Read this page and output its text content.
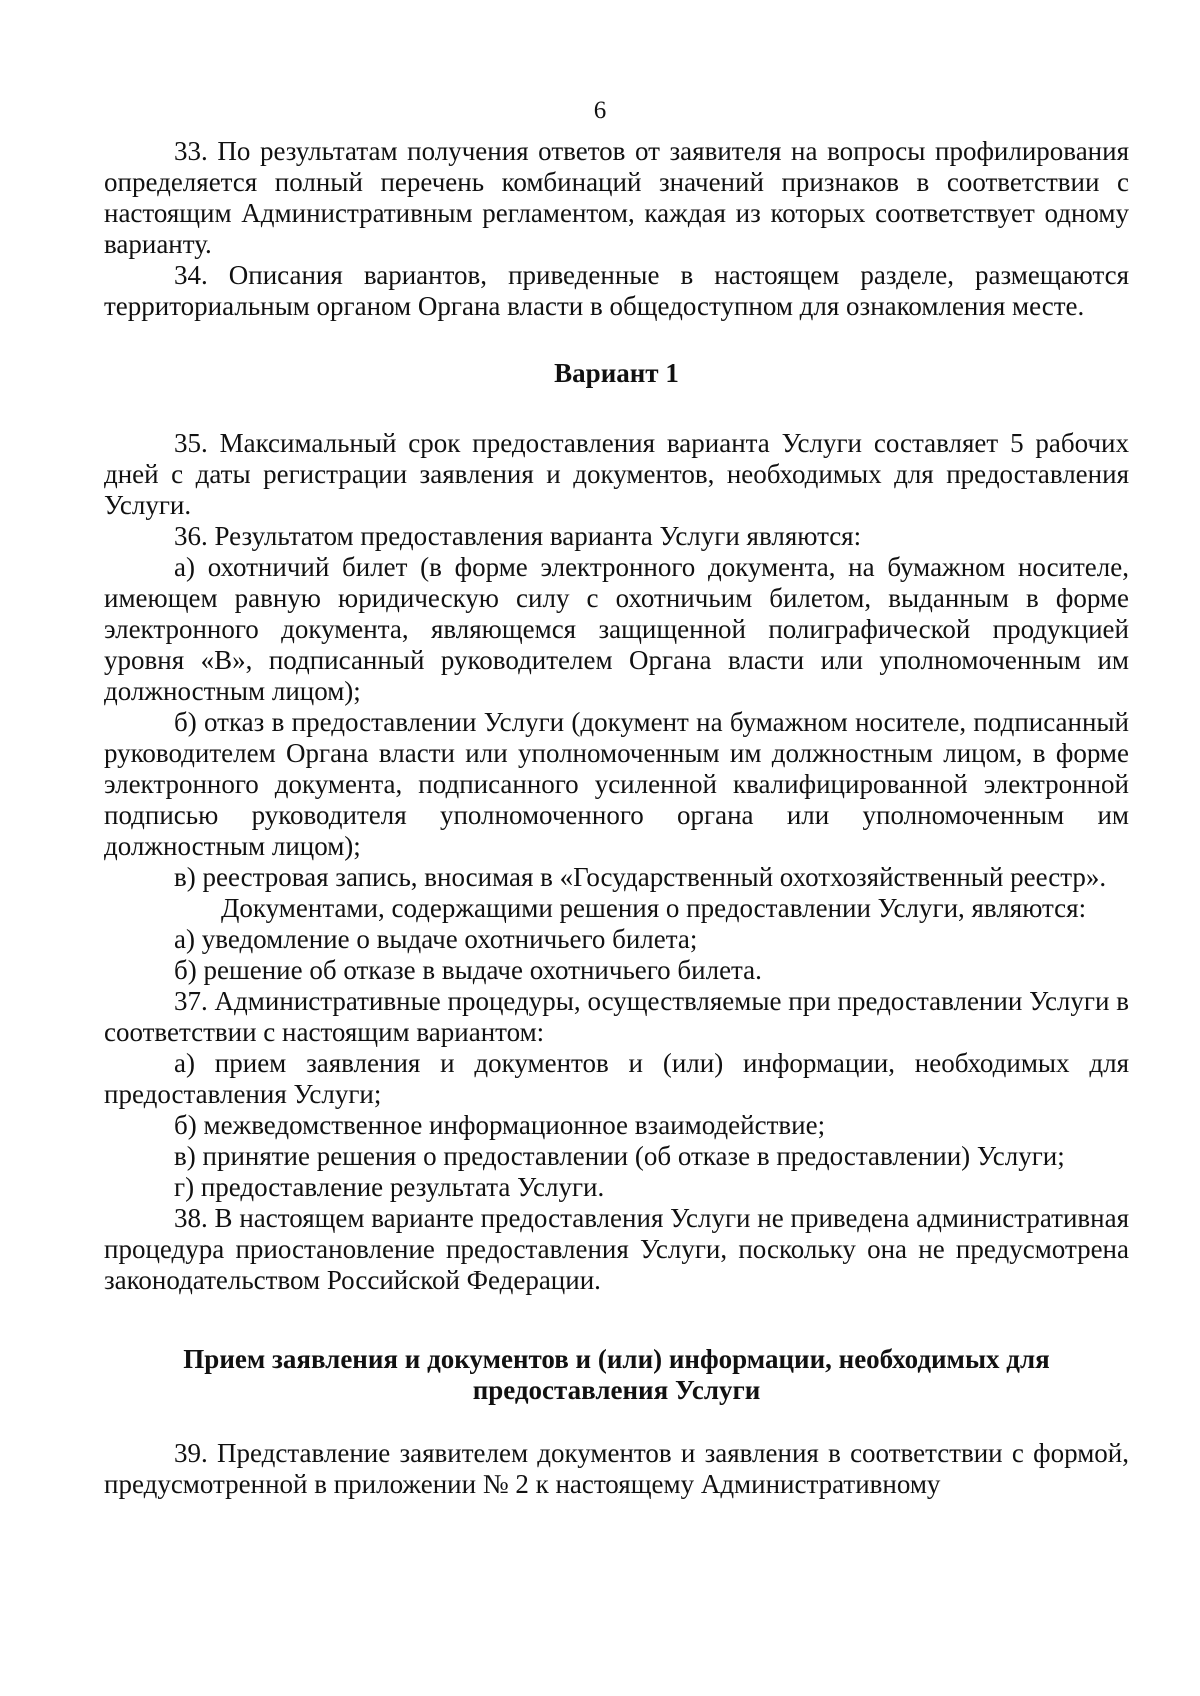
6

33. По результатам получения ответов от заявителя на вопросы профилирования определяется полный перечень комбинаций значений признаков в соответствии с настоящим Административным регламентом, каждая из которых соответствует одному варианту.

34. Описания вариантов, приведенные в настоящем разделе, размещаются территориальным органом Органа власти в общедоступном для ознакомления месте.

Вариант 1

35. Максимальный срок предоставления варианта Услуги составляет 5 рабочих дней с даты регистрации заявления и документов, необходимых для предоставления Услуги.

36. Результатом предоставления варианта Услуги являются:

а) охотничий билет (в форме электронного документа, на бумажном носителе, имеющем равную юридическую силу с охотничьим билетом, выданным в форме электронного документа, являющемся защищенной полиграфической продукцией уровня «В», подписанный руководителем Органа власти или уполномоченным им должностным лицом);

б) отказ в предоставлении Услуги (документ на бумажном носителе, подписанный руководителем Органа власти или уполномоченным им должностным лицом, в форме электронного документа, подписанного усиленной квалифицированной электронной подписью руководителя уполномоченного органа или уполномоченным им должностным лицом);

в) реестровая запись, вносимая в «Государственный охотхозяйственный реестр».

Документами, содержащими решения о предоставлении Услуги, являются:

а) уведомление о выдаче охотничьего билета;

б) решение об отказе в выдаче охотничьего билета.

37. Административные процедуры, осуществляемые при предоставлении Услуги в соответствии с настоящим вариантом:

а) прием заявления и документов и (или) информации, необходимых для предоставления Услуги;

б) межведомственное информационное взаимодействие;

в) принятие решения о предоставлении (об отказе в предоставлении) Услуги;

г) предоставление результата Услуги.

38. В настоящем варианте предоставления Услуги не приведена административная процедура приостановление предоставления Услуги, поскольку она не предусмотрена законодательством Российской Федерации.

Прием заявления и документов и (или) информации, необходимых для
предоставления Услуги

39. Представление заявителем документов и заявления в соответствии с формой, предусмотренной в приложении № 2 к настоящему Административному
